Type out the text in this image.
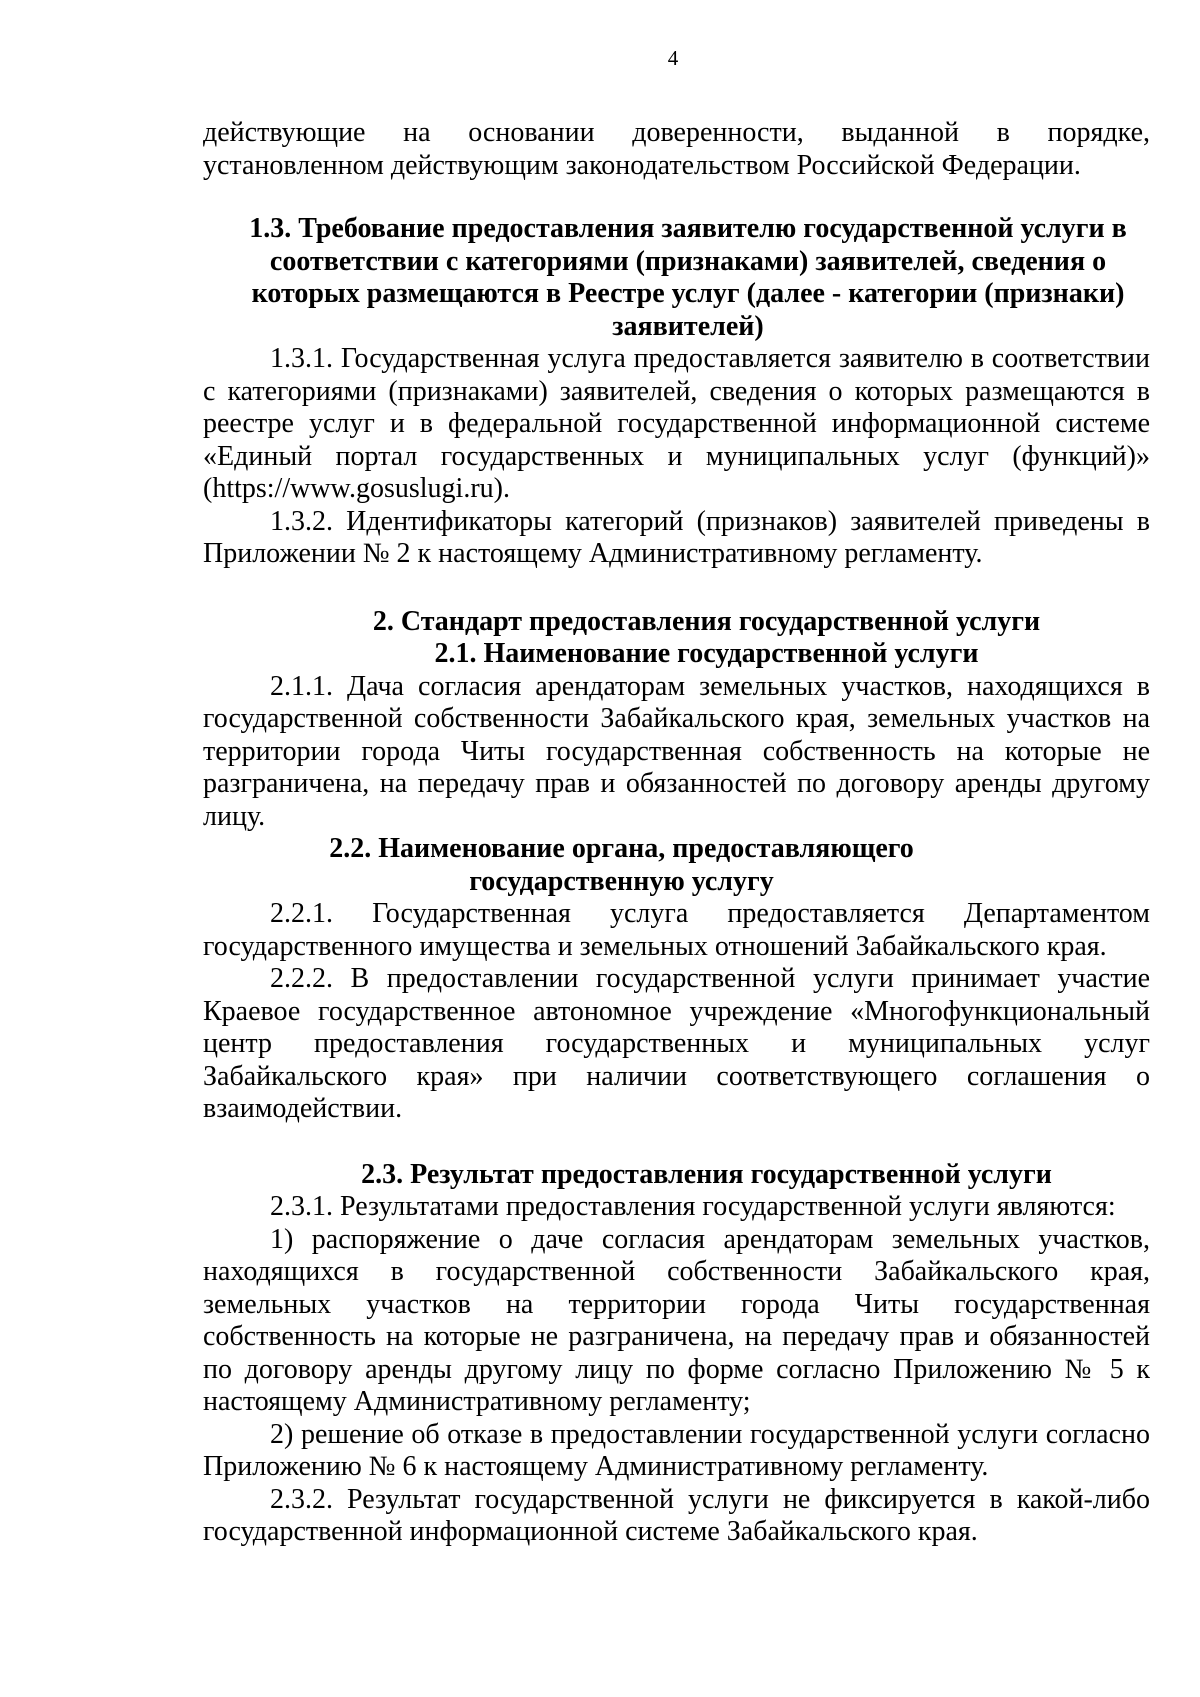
4

действующие на основании доверенности, выданной в порядке, установленном действующим законодательством Российской Федерации.

1.3. Требование предоставления заявителю государственной услуги в соответствии с категориями (признаками) заявителей, сведения о которых размещаются в Реестре услуг (далее - категории (признаки) заявителей)

1.3.1. Государственная услуга предоставляется заявителю в соответствии с категориями (признаками) заявителей, сведения о которых размещаются в реестре услуг и в федеральной государственной информационной системе «Единый портал государственных и муниципальных услуг (функций)» (https://www.gosuslugi.ru).

1.3.2. Идентификаторы категорий (признаков) заявителей приведены в Приложении № 2 к настоящему Административному регламенту.

2. Стандарт предоставления государственной услуги
2.1. Наименование государственной услуги

2.1.1. Дача согласия арендаторам земельных участков, находящихся в государственной собственности Забайкальского края, земельных участков на территории города Читы государственная собственность на которые не разграничена, на передачу прав и обязанностей по договору аренды другому лицу.

2.2. Наименование органа, предоставляющего государственную услугу

2.2.1. Государственная услуга предоставляется Департаментом государственного имущества и земельных отношений Забайкальского края.

2.2.2. В предоставлении государственной услуги принимает участие Краевое государственное автономное учреждение «Многофункциональный центр предоставления государственных и муниципальных услуг Забайкальского края» при наличии соответствующего соглашения о взаимодействии.

2.3. Результат предоставления государственной услуги

2.3.1. Результатами предоставления государственной услуги являются:

1) распоряжение о даче согласия арендаторам земельных участков, находящихся в государственной собственности Забайкальского края, земельных участков на территории города Читы государственная собственность на которые не разграничена, на передачу прав и обязанностей по договору аренды другому лицу по форме согласно Приложению № 5 к настоящему Административному регламенту;

2) решение об отказе в предоставлении государственной услуги согласно Приложению № 6 к настоящему Административному регламенту.

2.3.2. Результат государственной услуги не фиксируется в какой-либо государственной информационной системе Забайкальского края.
